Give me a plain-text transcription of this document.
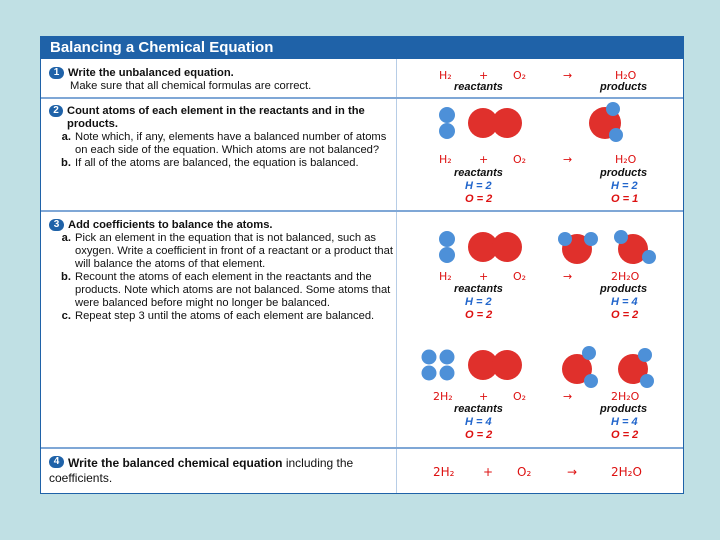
Balancing a Chemical Equation
1 Write the unbalanced equation.
Make sure that all chemical formulas are correct.
H₂ + O₂	→	H₂O
reactants	products
2 Count atoms of each element in the reactants and in the products.
a. Note which, if any, elements have a balanced number of atoms on each side of the equation. Which atoms are not balanced?
b. If all of the atoms are balanced, the equation is balanced.	H₂ + O₂	→	H₂O
reactants	products
H = 2
O = 2
H = 2
O = 1
3 Add coefficients to balance the atoms.
a. Pick an element in the equation that is not balanced, such as oxygen. Write a coefficient in front of a reactant or a product that will balance the atoms of that element.
b. Recount the atoms of each element in the reactants and the products. Note which atoms are not balanced. Some atoms that were balanced before might no longer be balanced.
c. Repeat step 3 until the atoms of each element are balanced.
H₂ + O₂	→	2H₂O
reactants	products
H = 2
O = 2
H = 4
O = 2
2H₂ + O₂	→	2H₂O
reactants	products
H = 4
O = 2
H = 4
O = 2
4 Write the balanced chemical equation including the coefficients.	2H₂ + O₂	→	2H₂O
